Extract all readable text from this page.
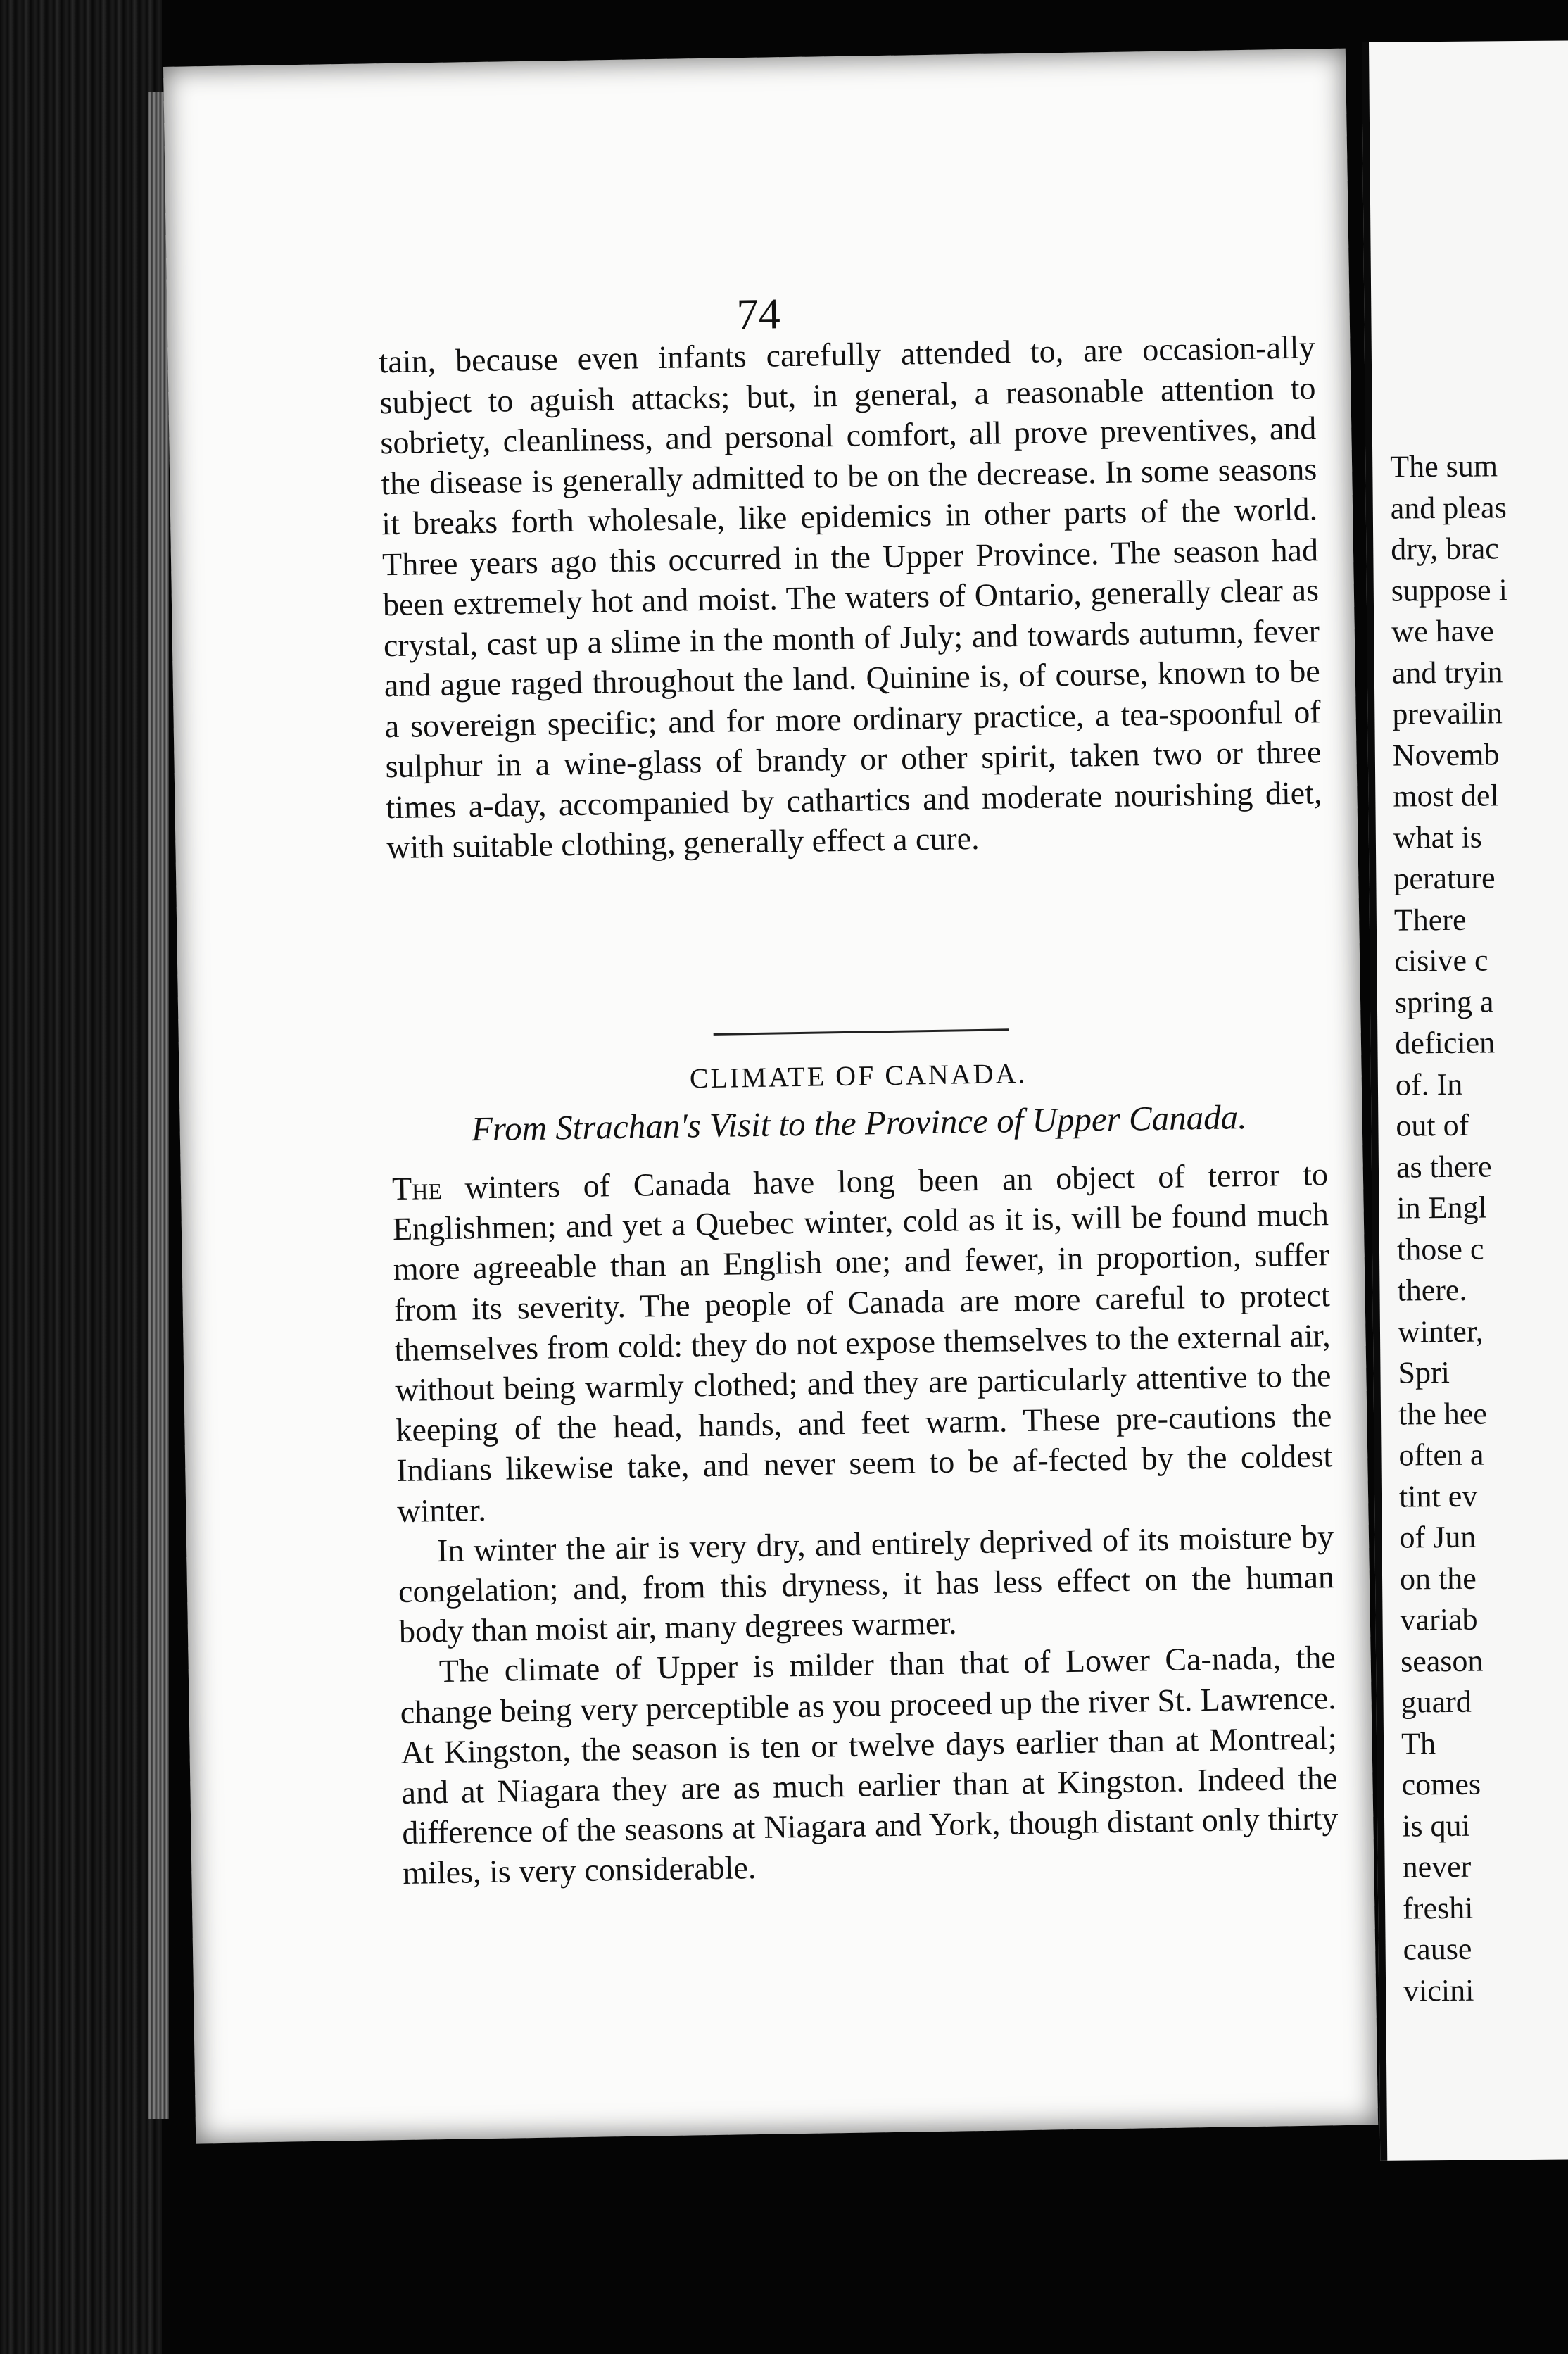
74

tain, because even infants carefully attended to, are occasion-ally subject to aguish attacks; but, in general, a reasonable attention to sobriety, cleanliness, and personal comfort, all prove preventives, and the disease is generally admitted to be on the decrease. In some seasons it breaks forth wholesale, like epidemics in other parts of the world. Three years ago this occurred in the Upper Province. The season had been extremely hot and moist. The waters of Ontario, generally clear as crystal, cast up a slime in the month of July; and towards autumn, fever and ague raged throughout the land. Quinine is, of course, known to be a sovereign specific; and for more ordinary practice, a tea-spoonful of sulphur in a wine-glass of brandy or other spirit, taken two or three times a-day, accompanied by cathartics and moderate nourishing diet, with suitable clothing, generally effect a cure.

CLIMATE OF CANADA.
From Strachan's Visit to the Province of Upper Canada.

The winters of Canada have long been an object of terror to Englishmen; and yet a Quebec winter, cold as it is, will be found much more agreeable than an English one; and fewer, in proportion, suffer from its severity. The people of Canada are more careful to protect themselves from cold: they do not expose themselves to the external air, without being warmly clothed; and they are particularly attentive to the keeping of the head, hands, and feet warm. These pre-cautions the Indians likewise take, and never seem to be af-fected by the coldest winter.

In winter the air is very dry, and entirely deprived of its moisture by congelation; and, from this dryness, it has less effect on the human body than moist air, many degrees warmer.

The climate of Upper is milder than that of Lower Ca-nada, the change being very perceptible as you proceed up the river St. Lawrence. At Kingston, the season is ten or twelve days earlier than at Montreal; and at Niagara they are as much earlier than at Kingston. Indeed the difference of the seasons at Niagara and York, though distant only thirty miles, is very considerable.

The sum
and pleas
dry, brac
suppose i
we have
and tryin
prevailin
Novemb
most del
what is
perature
There
cisive c
spring a
deficien
of. In
out of
as there
in Engl
those c
there.
winter,
Spri
the hee
often a
tint ev
of Jun
on the
variab
season
guard
Th
comes
is qui
never
freshi
cause
vicini
